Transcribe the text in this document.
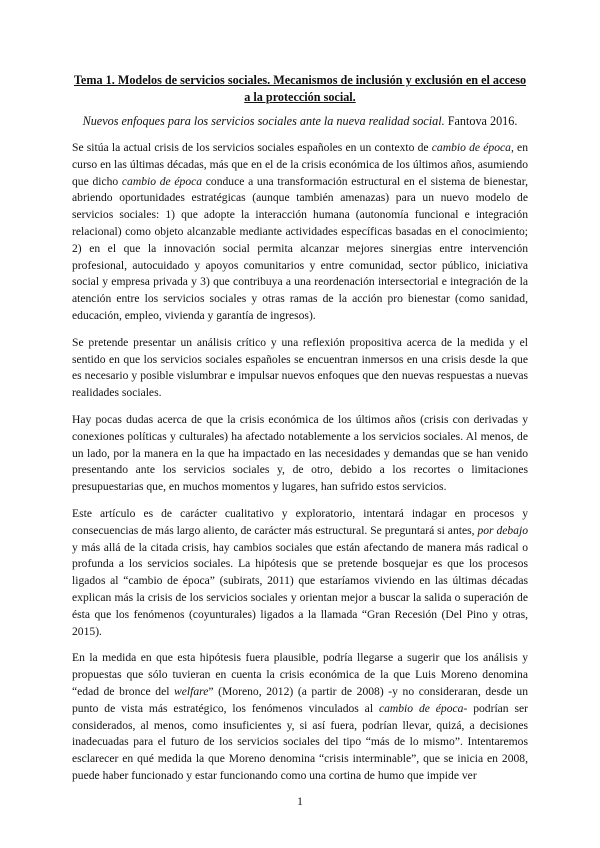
Tema 1. Modelos de servicios sociales. Mecanismos de inclusión y exclusión en el acceso a la protección social.
Nuevos enfoques para los servicios sociales ante la nueva realidad social. Fantova 2016.

Se sitúa la actual crisis de los servicios sociales españoles en un contexto de cambio de época, en curso en las últimas décadas, más que en el de la crisis económica de los últimos años, asumiendo que dicho cambio de época conduce a una transformación estructural en el sistema de bienestar, abriendo oportunidades estratégicas (aunque también amenazas) para un nuevo modelo de servicios sociales: 1) que adopte la interacción humana (autonomía funcional e integración relacional) como objeto alcanzable mediante actividades específicas basadas en el conocimiento; 2) en el que la innovación social permita alcanzar mejores sinergias entre intervención profesional, autocuidado y apoyos comunitarios y entre comunidad, sector público, iniciativa social y empresa privada y 3) que contribuya a una reordenación intersectorial e integración de la atención entre los servicios sociales y otras ramas de la acción pro bienestar (como sanidad, educación, empleo, vivienda y garantía de ingresos).

Se pretende presentar un análisis crítico y una reflexión propositiva acerca de la medida y el sentido en que los servicios sociales españoles se encuentran inmersos en una crisis desde la que es necesario y posible vislumbrar e impulsar nuevos enfoques que den nuevas respuestas a nuevas realidades sociales.

Hay pocas dudas acerca de que la crisis económica de los últimos años (crisis con derivadas y conexiones políticas y culturales) ha afectado notablemente a los servicios sociales. Al menos, de un lado, por la manera en la que ha impactado en las necesidades y demandas que se han venido presentando ante los servicios sociales y, de otro, debido a los recortes o limitaciones presupuestarias que, en muchos momentos y lugares, han sufrido estos servicios.

Este artículo es de carácter cualitativo y exploratorio, intentará indagar en procesos y consecuencias de más largo aliento, de carácter más estructural. Se preguntará si antes, por debajo y más allá de la citada crisis, hay cambios sociales que están afectando de manera más radical o profunda a los servicios sociales. La hipótesis que se pretende bosquejar es que los procesos ligados al “cambio de época” (subirats, 2011) que estaríamos viviendo en las últimas décadas explican más la crisis de los servicios sociales y orientan mejor a buscar la salida o superación de ésta que los fenómenos (coyunturales) ligados a la llamada “Gran Recesión (Del Pino y otras, 2015).

En la medida en que esta hipótesis fuera plausible, podría llegarse a sugerir que los análisis y propuestas que sólo tuvieran en cuenta la crisis económica de la que Luis Moreno denomina “edad de bronce del welfare” (Moreno, 2012) (a partir de 2008) -y no consideraran, desde un punto de vista más estratégico, los fenómenos vinculados al cambio de época- podrían ser considerados, al menos, como insuficientes y, si así fuera, podrían llevar, quizá, a decisiones inadecuadas para el futuro de los servicios sociales del tipo “más de lo mismo”. Intentaremos esclarecer en qué medida la que Moreno denomina “crisis interminable”, que se inicia en 2008, puede haber funcionado y estar funcionando como una cortina de humo que impide ver

1
